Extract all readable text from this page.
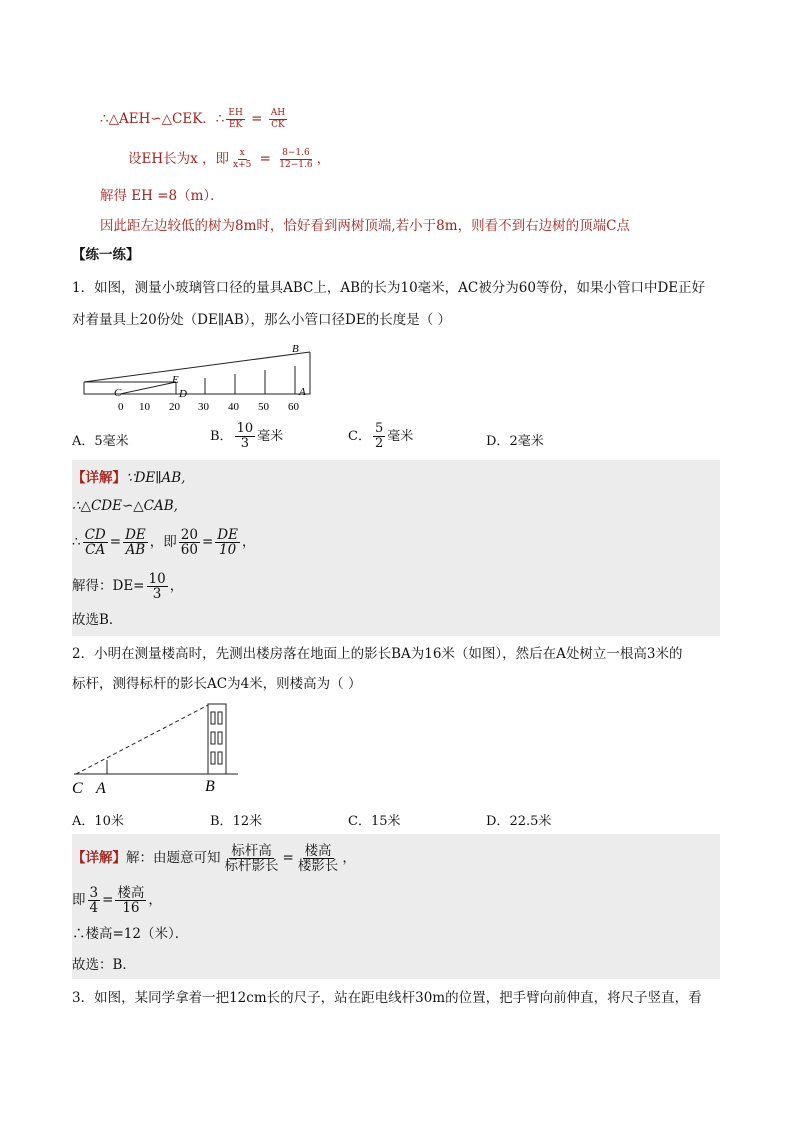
∴△AEH∽△CEK．∴ $\frac{EH}{EK} = \frac{AH}{CK}$
设EH长为x ，即 $\frac{x}{x+5} = \frac{8-1.6}{12-1.6}$ ，
解得 EH =8（m）．
因此距左边较低的树为8m时，恰好看到两树顶端,若小于8m，则看不到右边树的顶端C点
【练一练】
1．如图，测量小玻璃管口径的量具ABC上，AB的长为10毫米，AC被分为60等份，如果小管口中DE正好
对着量具上20份处（DE∥AB），那么小管口径DE的长度是（ ）
C
E
D
B
A
0 10 20 30 40 50 60
A．5毫米	B． $\frac{10}{3}$ 毫米	C． $\frac{5}{2}$ 毫米	D．2毫米
【详解】∵DE∥AB,
∴△CDE∽△CAB,
∴ $\frac{CD}{CA} = \frac{DE}{AB}$ ，即 $\frac{20}{60} = \frac{DE}{10}$ ，
解得：$DE= \frac{10}{3}$ ，
故选B．
2．小明在测量楼高时，先测出楼房落在地面上的影长BA为16米（如图），然后在A处树立一根高3米的
标杆，测得标杆的影长AC为4米，则楼高为（ ）
C A	B
A．10米	B．12米	C．15米	D．22.5米
【详解】解：由题意可知 $\frac{\text{标杆高}}{\text{标杆影长}} = \frac{\text{楼高}}{\text{楼影长}}$ ，
即 $\frac{3}{4} = \frac{\text{楼高}}{16}$ ，
∴楼高=12（米）．
故选：B．
3．如图，某同学拿着一把12cm长的尺子，站在距电线杆30m的位置，把手臂向前伸直，将尺子竖直，看
